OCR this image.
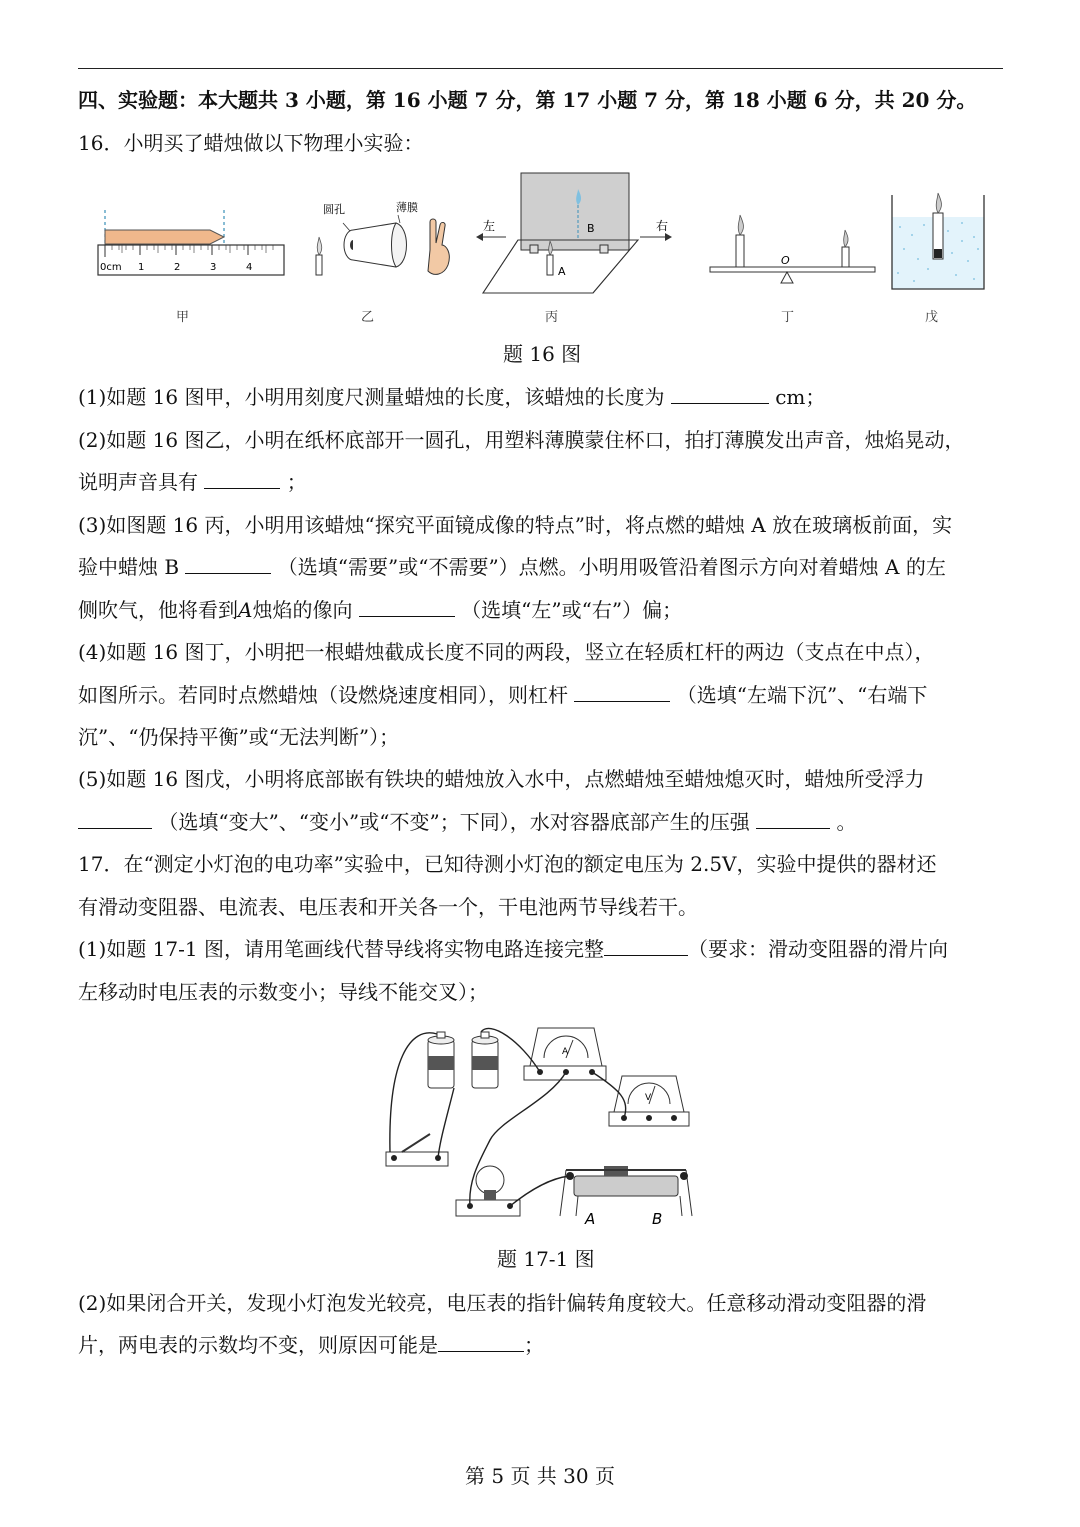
四、实验题：本大题共 3 小题，第 16 小题 7 分，第 17 小题 7 分，第 18 小题 6 分，共 20 分。
16．小明买了蜡烛做以下物理小实验：
0cm 1	2	3	4
圆孔	薄膜
左	右
A
B
O
甲	乙	丙	丁	戊
题 16 图
(1)如题 16 图甲，小明用刻度尺测量蜡烛的长度，该蜡烛的长度为	cm；
(2)如题 16 图乙，小明在纸杯底部开一圆孔，用塑料薄膜蒙住杯口，拍打薄膜发出声音，烛焰晃动，
说明声音具有	；
(3)如图题 16 丙，小明用该蜡烛“探究平面镜成像的特点”时，将点燃的蜡烛 A 放在玻璃板前面，实
验中蜡烛 B	（选填“需要”或“不需要”）点燃。小明用吸管沿着图示方向对着蜡烛 A 的左
侧吹气，他将看到A烛焰的像向	（选填“左”或“右”）偏；
(4)如题 16 图丁，小明把一根蜡烛截成长度不同的两段，竖立在轻质杠杆的两边（支点在中点），
如图所示。若同时点燃蜡烛（设燃烧速度相同），则杠杆	（选填“左端下沉”、“右端下
沉”、“仍保持平衡”或“无法判断”）；
(5)如题 16 图戊，小明将底部嵌有铁块的蜡烛放入水中，点燃蜡烛至蜡烛熄灭时，蜡烛所受浮力
（选填“变大”、“变小”或“不变”；下同），水对容器底部产生的压强	。
17．在“测定小灯泡的电功率”实验中，已知待测小灯泡的额定电压为 2.5V，实验中提供的器材还
有滑动变阻器、电流表、电压表和开关各一个，干电池两节导线若干。
(1)如题 17-1 图，请用笔画线代替导线将实物电路连接完整	（要求：滑动变阻器的滑片向
左移动时电压表的示数变小；导线不能交叉）；
A
V
A	B
题 17-1 图
(2)如果闭合开关，发现小灯泡发光较亮，电压表的指针偏转角度较大。任意移动滑动变阻器的滑
片，两电表的示数均不变，则原因可能是	；
第 5 页 共 30 页
